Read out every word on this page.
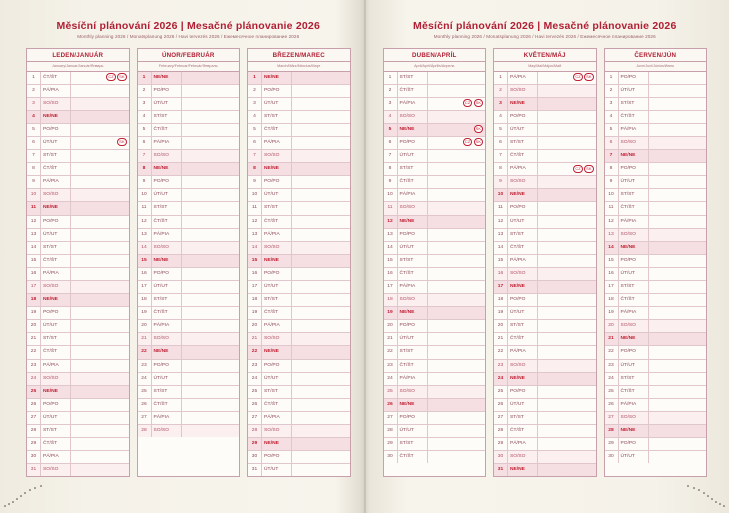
Měsíční plánování 2026 | Mesačné plánovanie 2026
Monthly planning 2026 / Monatsplanung 2026 / Havi tervezés 2026 / Ежемесячное планирование 2026
LEDEN/JANUÁR
January/Januar/Január/Январь
1	ČT/ŠT	CZ	SK
2	PÁ/PIA
3	SO/SO
4	NE/NE
5	PO/PO
6	ÚT/UT	SK
7	ST/ST
8	ČT/ŠT
9	PÁ/PIA
10	SO/SO
11	NE/NE
12	PO/PO
13	ÚT/UT
14	ST/ST
15	ČT/ŠT
16	PÁ/PIA
17	SO/SO
18	NE/NE
19	PO/PO
20	ÚT/UT
21	ST/ST
22	ČT/ŠT
23	PÁ/PIA
24	SO/SO
25	NE/NE
26	PO/PO
27	ÚT/UT
28	ST/ST
29	ČT/ŠT
30	PÁ/PIA
31	SO/SO
ÚNOR/FEBRUÁR
February/Februar/Február/Февраль
1	NE/NE
2	PO/PO
3	ÚT/UT
4	ST/ST
5	ČT/ŠT
6	PÁ/PIA
7	SO/SO
8	NE/NE
9	PO/PO
10	ÚT/UT
11	ST/ST
12	ČT/ŠT
13	PÁ/PIA
14	SO/SO
15	NE/NE
16	PO/PO
17	ÚT/UT
18	ST/ST
19	ČT/ŠT
20	PÁ/PIA
21	SO/SO
22	NE/NE
23	PO/PO
24	ÚT/UT
25	ST/ST
26	ČT/ŠT
27	PÁ/PIA
28	SO/SO
BŘEZEN/MAREC
March/März/Március/Март
1	NE/NE
2	PO/PO
3	ÚT/UT
4	ST/ST
5	ČT/ŠT
6	PÁ/PIA
7	SO/SO
8	NE/NE
9	PO/PO
10	ÚT/UT
11	ST/ST
12	ČT/ŠT
13	PÁ/PIA
14	SO/SO
15	NE/NE
16	PO/PO
17	ÚT/UT
18	ST/ST
19	ČT/ŠT
20	PÁ/PIA
21	SO/SO
22	NE/NE
23	PO/PO
24	ÚT/UT
25	ST/ST
26	ČT/ŠT
27	PÁ/PIA
28	SO/SO
29	NE/NE
30	PO/PO
31	ÚT/UT
Měsíční plánování 2026 | Mesačné plánovanie 2026
Monthly planning 2026 / Monatsplanung 2026 / Havi tervezés 2026 / Ежемесячное планирование 2026
DUBEN/APRÍL
April/April/Április/Апрель
1	ST/ST
2	ČT/ŠT
3	PÁ/PIA	CZ	SK
4	SO/SO
5	NE/NE	SK
6	PO/PO	CZ	SK
7	ÚT/UT
8	ST/ST
9	ČT/ŠT
10	PÁ/PIA
11	SO/SO
12	NE/NE
13	PO/PO
14	ÚT/UT
15	ST/ST
16	ČT/ŠT
17	PÁ/PIA
18	SO/SO
19	NE/NE
20	PO/PO
21	ÚT/UT
22	ST/ST
23	ČT/ŠT
24	PÁ/PIA
25	SO/SO
26	NE/NE
27	PO/PO
28	ÚT/UT
29	ST/ST
30	ČT/ŠT
KVĚTEN/MÁJ
May/Mai/Május/Май
1	PÁ/PIA	CZ	SK
2	SO/SO
3	NE/NE
4	PO/PO
5	ÚT/UT
6	ST/ST
7	ČT/ŠT
8	PÁ/PIA	CZ	SK
9	SO/SO
10	NE/NE
11	PO/PO
12	ÚT/UT
13	ST/ST
14	ČT/ŠT
15	PÁ/PIA
16	SO/SO
17	NE/NE
18	PO/PO
19	ÚT/UT
20	ST/ST
21	ČT/ŠT
22	PÁ/PIA
23	SO/SO
24	NE/NE
25	PO/PO
26	ÚT/UT
27	ST/ST
28	ČT/ŠT
29	PÁ/PIA
30	SO/SO
31	NE/NE
ČERVEN/JÚN
June/Juni/Június/Июнь
1	PO/PO
2	ÚT/UT
3	ST/ST
4	ČT/ŠT
5	PÁ/PIA
6	SO/SO
7	NE/NE
8	PO/PO
9	ÚT/UT
10	ST/ST
11	ČT/ŠT
12	PÁ/PIA
13	SO/SO
14	NE/NE
15	PO/PO
16	ÚT/UT
17	ST/ST
18	ČT/ŠT
19	PÁ/PIA
20	SO/SO
21	NE/NE
22	PO/PO
23	ÚT/UT
24	ST/ST
25	ČT/ŠT
26	PÁ/PIA
27	SO/SO
28	NE/NE
29	PO/PO
30	ÚT/UT
